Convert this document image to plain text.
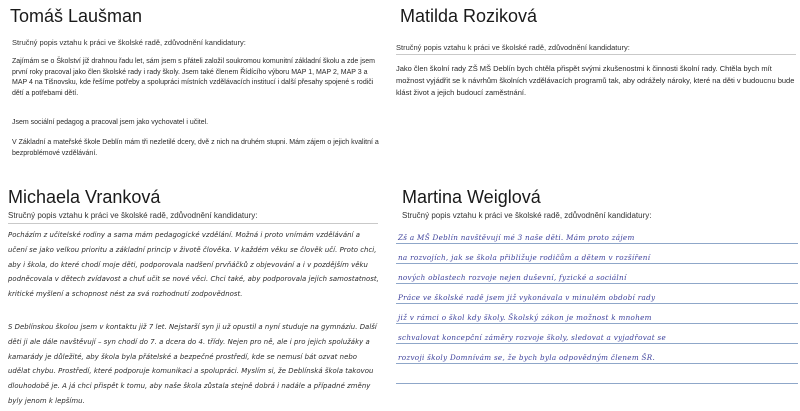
Tomáš Laušman
Stručný popis vztahu k práci ve školské radě, zdůvodnění kandidatury:

Zajímám se o Školství již drahnou řadu let, sám jsem s přáteli založil soukromou komunitní základní školu a zde jsem první roky pracoval jako člen školské rady i rady školy. Jsem také členem Řídícího výboru MAP 1, MAP 2, MAP 3 a MAP 4 na Tišnovsku, kde řešíme potřeby a spolupráci místních vzdělávacích institucí i další přesahy spojené s rodiči dětí a potřebami dětí.

Jsem sociální pedagog a pracoval jsem jako vychovatel i učitel.

V Základní a mateřské škole Deblín mám tři nezletilé dcery, dvě z nich na druhém stupni. Mám zájem o jejich kvalitní a bezproblémové vzdělávání.

Matilda Roziková
Stručný popis vztahu k práci ve školské radě, zdůvodnění kandidatury:

Jako člen školní rady ZŠ MŠ Deblín bych chtěla přispět svými zkušenostmi k činnosti školní rady. Chtěla bych mít možnost vyjádřit se k návrhům školních vzdělávacích programů tak, aby odrážely nároky, které na děti v budoucnu bude klást život a jejich budoucí zaměstnání.

Michaela Vranková
Stručný popis vztahu k práci ve školské radě, zdůvodnění kandidatury:

Pocházím z učitelské rodiny a sama mám pedagogické vzdělání. Možná i proto vnímám vzdělávání a učení se jako velkou prioritu a základní princip v životě člověka. V každém věku se člověk učí. Proto chci, aby i škola, do které chodí moje děti, podporovala nadšení prvňáčků z objevování a i v pozdějším věku podněcovala v dětech zvídavost a chuť učit se nové věci. Chci také, aby podporovala jejich samostatnost, kritické myšlení a schopnost nést za svá rozhodnutí zodpovědnost.

S Deblínskou školou jsem v kontaktu již 7 let. Nejstarší syn ji už opustil a nyní studuje na gymnáziu. Další děti ji ale dále navštěvují – syn chodí do 7. a dcera do 4. třídy. Nejen pro ně, ale i pro jejich spolužáky a kamarády je důležité, aby škola byla přátelské a bezpečné prostředí, kde se nemusí bát ozvat nebo udělat chybu. Prostředí, které podporuje komunikaci a spolupráci. Myslím si, že Deblínská škola takovou dlouhodobě je. A já chci přispět k tomu, aby naše škola zůstala stejně dobrá i nadále a případné změny byly jenom k lepšímu.

Martina Weiglová
Stručný popis vztahu k práci ve školské radě, zdůvodnění kandidatury:
Zš a MŠ Deblín navštěvují mé 3 naše děti. Mám proto zájem
na rozvojích, jak se škola přibližuje rodičům a dětem v rozšíření
nových oblastech rozvoje nejen duševní, fyzické a sociální
Práce ve školské radě jsem již vykonávala v minulém období rady
již v rámci o škol kdy školy. Školský zákon je možnost k mnohem
schvalovat koncepční záměry rozvoje školy, sledovat a vyjadřovat se
rozvoji školy Domnívám se, že bych byla odpovědným členem ŠR.
